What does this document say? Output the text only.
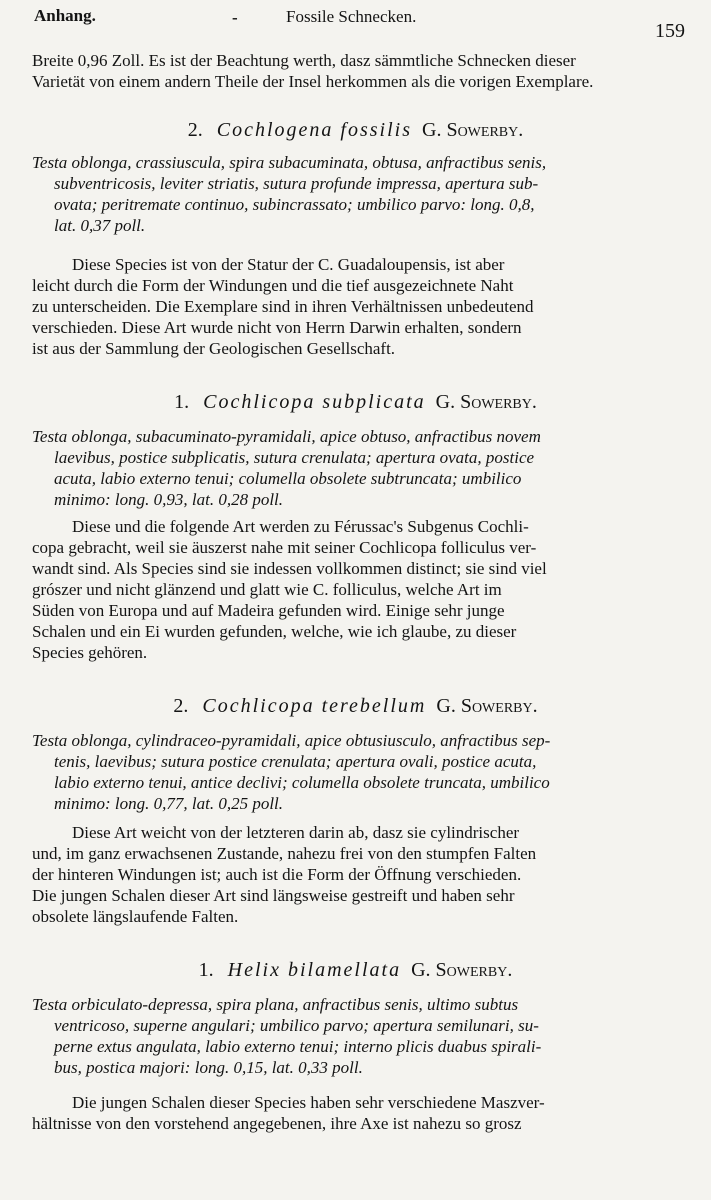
Anhang.	-	Fossile Schnecken.
159
Breite 0,96 Zoll. Es ist der Beachtung werth, dasz sämmtliche Schnecken dieser
Varietät von einem andern Theile der Insel herkommen als die vorigen Exemplare.
2. Cochlogena fossilis G. Sowerby.
Testa oblonga, crassiuscula, spira subacuminata, obtusa, anfractibus senis,
subventricosis, leviter striatis, sutura profunde impressa, apertura sub-
ovata; peritremate continuo, subincrassato; umbilico parvo: long. 0,8,
lat. 0,37 poll.
Diese Species ist von der Statur der C. Guadaloupensis, ist aber
leicht durch die Form der Windungen und die tief ausgezeichnete Naht
zu unterscheiden. Die Exemplare sind in ihren Verhältnissen unbedeutend
verschieden. Diese Art wurde nicht von Herrn Darwin erhalten, sondern
ist aus der Sammlung der Geologischen Gesellschaft.
1. Cochlicopa subplicata G. Sowerby.
Testa oblonga, subacuminato-pyramidali, apice obtuso, anfractibus novem
laevibus, postice subplicatis, sutura crenulata; apertura ovata, postice
acuta, labio externo tenui; columella obsolete subtruncata; umbilico
minimo: long. 0,93, lat. 0,28 poll.
Diese und die folgende Art werden zu Férussac's Subgenus Cochli-
copa gebracht, weil sie äuszerst nahe mit seiner Cochlicopa folliculus ver-
wandt sind. Als Species sind sie indessen vollkommen distinct; sie sind viel
grószer und nicht glänzend und glatt wie C. folliculus, welche Art im
Süden von Europa und auf Madeira gefunden wird. Einige sehr junge
Schalen und ein Ei wurden gefunden, welche, wie ich glaube, zu dieser
Species gehören.
2. Cochlicopa terebellum G. Sowerby.
Testa oblonga, cylindraceo-pyramidali, apice obtusiusculo, anfractibus sep-
tenis, laevibus; sutura postice crenulata; apertura ovali, postice acuta,
labio externo tenui, antice declivi; columella obsolete truncata, umbilico
minimo: long. 0,77, lat. 0,25 poll.
Diese Art weicht von der letzteren darin ab, dasz sie cylindrischer
und, im ganz erwachsenen Zustande, nahezu frei von den stumpfen Falten
der hinteren Windungen ist; auch ist die Form der Öffnung verschieden.
Die jungen Schalen dieser Art sind längsweise gestreift und haben sehr
obsolete längslaufende Falten.
1. Helix bilamellata G. Sowerby.
Testa orbiculato-depressa, spira plana, anfractibus senis, ultimo subtus
ventricoso, superne angulari; umbilico parvo; apertura semilunari, su-
perne extus angulata, labio externo tenui; interno plicis duabus spirali-
bus, postica majori: long. 0,15, lat. 0,33 poll.
Die jungen Schalen dieser Species haben sehr verschiedene Maszver-
hältnisse von den vorstehend angegebenen, ihre Axe ist nahezu so grosz
